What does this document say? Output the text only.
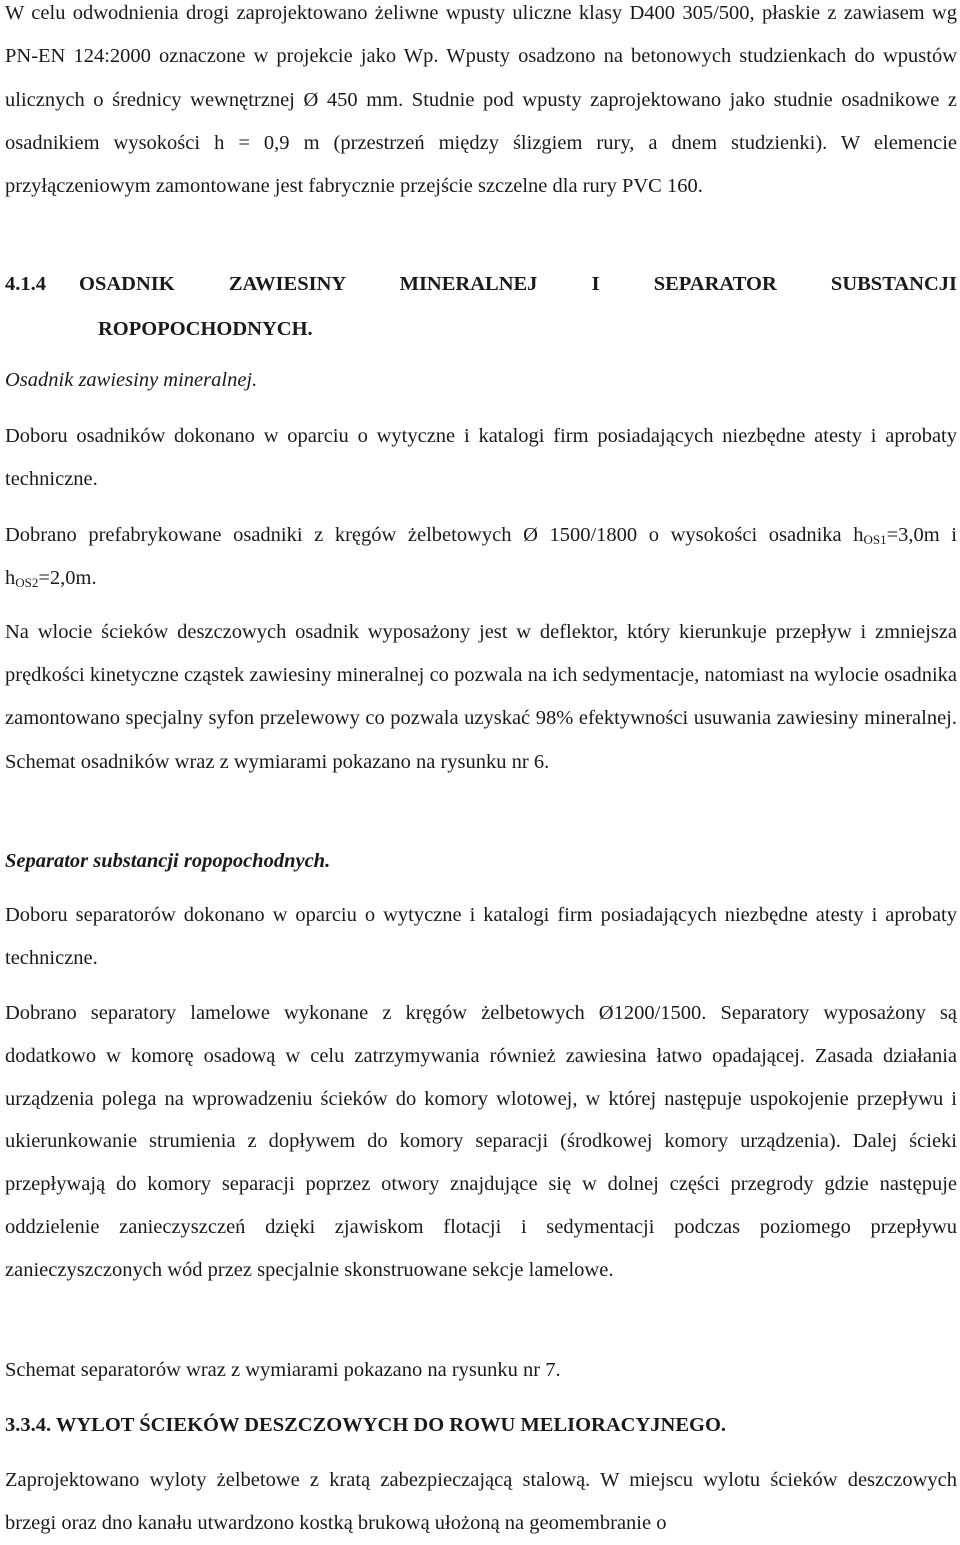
W celu odwodnienia drogi zaprojektowano żeliwne wpusty uliczne klasy D400 305/500, płaskie z zawiasem wg PN-EN 124:2000 oznaczone w projekcie jako Wp. Wpusty osadzono na betonowych studzienkach do wpustów ulicznych o średnicy wewnętrznej Ø 450 mm. Studnie pod wpusty zaprojektowano jako studnie osadnikowe z osadnikiem wysokości h = 0,9 m (przestrzeń między ślizgiem rury, a dnem studzienki). W elemencie przyłączeniowym zamontowane jest fabrycznie przejście szczelne dla rury PVC 160.

4.1.4 OSADNIK ZAWIESINY MINERALNEJ I SEPARATOR SUBSTANCJI
ROPOPOCHODNYCH.

Osadnik zawiesiny mineralnej.

Doboru osadników dokonano w oparciu o wytyczne i katalogi firm posiadających niezbędne atesty i aprobaty techniczne.

Dobrano prefabrykowane osadniki z kręgów żelbetowych Ø 1500/1800 o wysokości osadnika $h_{OS1}=3,0m$ i $h_{OS2}=2,0m$.

Na wlocie ścieków deszczowych osadnik wyposażony jest w deflektor, który kierunkuje przepływ i zmniejsza prędkości kinetyczne cząstek zawiesiny mineralnej co pozwala na ich sedymentacje, natomiast na wylocie osadnika zamontowano specjalny syfon przelewowy co pozwala uzyskać 98% efektywności usuwania zawiesiny mineralnej. Schemat osadników wraz z wymiarami pokazano na rysunku nr 6.

Separator substancji ropopochodnych.

Doboru separatorów dokonano w oparciu o wytyczne i katalogi firm posiadających niezbędne atesty i aprobaty techniczne.

Dobrano separatory lamelowe wykonane z kręgów żelbetowych Ø1200/1500. Separatory wyposażony są dodatkowo w komorę osadową w celu zatrzymywania również zawiesina łatwo opadającej. Zasada działania urządzenia polega na wprowadzeniu ścieków do komory wlotowej, w której następuje uspokojenie przepływu i ukierunkowanie strumienia z dopływem do komory separacji (środkowej komory urządzenia). Dalej ścieki przepływają do komory separacji poprzez otwory znajdujące się w dolnej części przegrody gdzie następuje oddzielenie zanieczyszczeń dzięki zjawiskom flotacji i sedymentacji podczas poziomego przepływu zanieczyszczonych wód przez specjalnie skonstruowane sekcje lamelowe.

Schemat separatorów wraz z wymiarami pokazano na rysunku nr 7.

3.3.4. WYLOT ŚCIEKÓW DESZCZOWYCH DO ROWU MELIORACYJNEGO.

Zaprojektowano wyloty żelbetowe z kratą zabezpieczającą stalową. W miejscu wylotu ścieków deszczowych brzegi oraz dno kanału utwardzono kostką brukową ułożoną na geomembranie o
